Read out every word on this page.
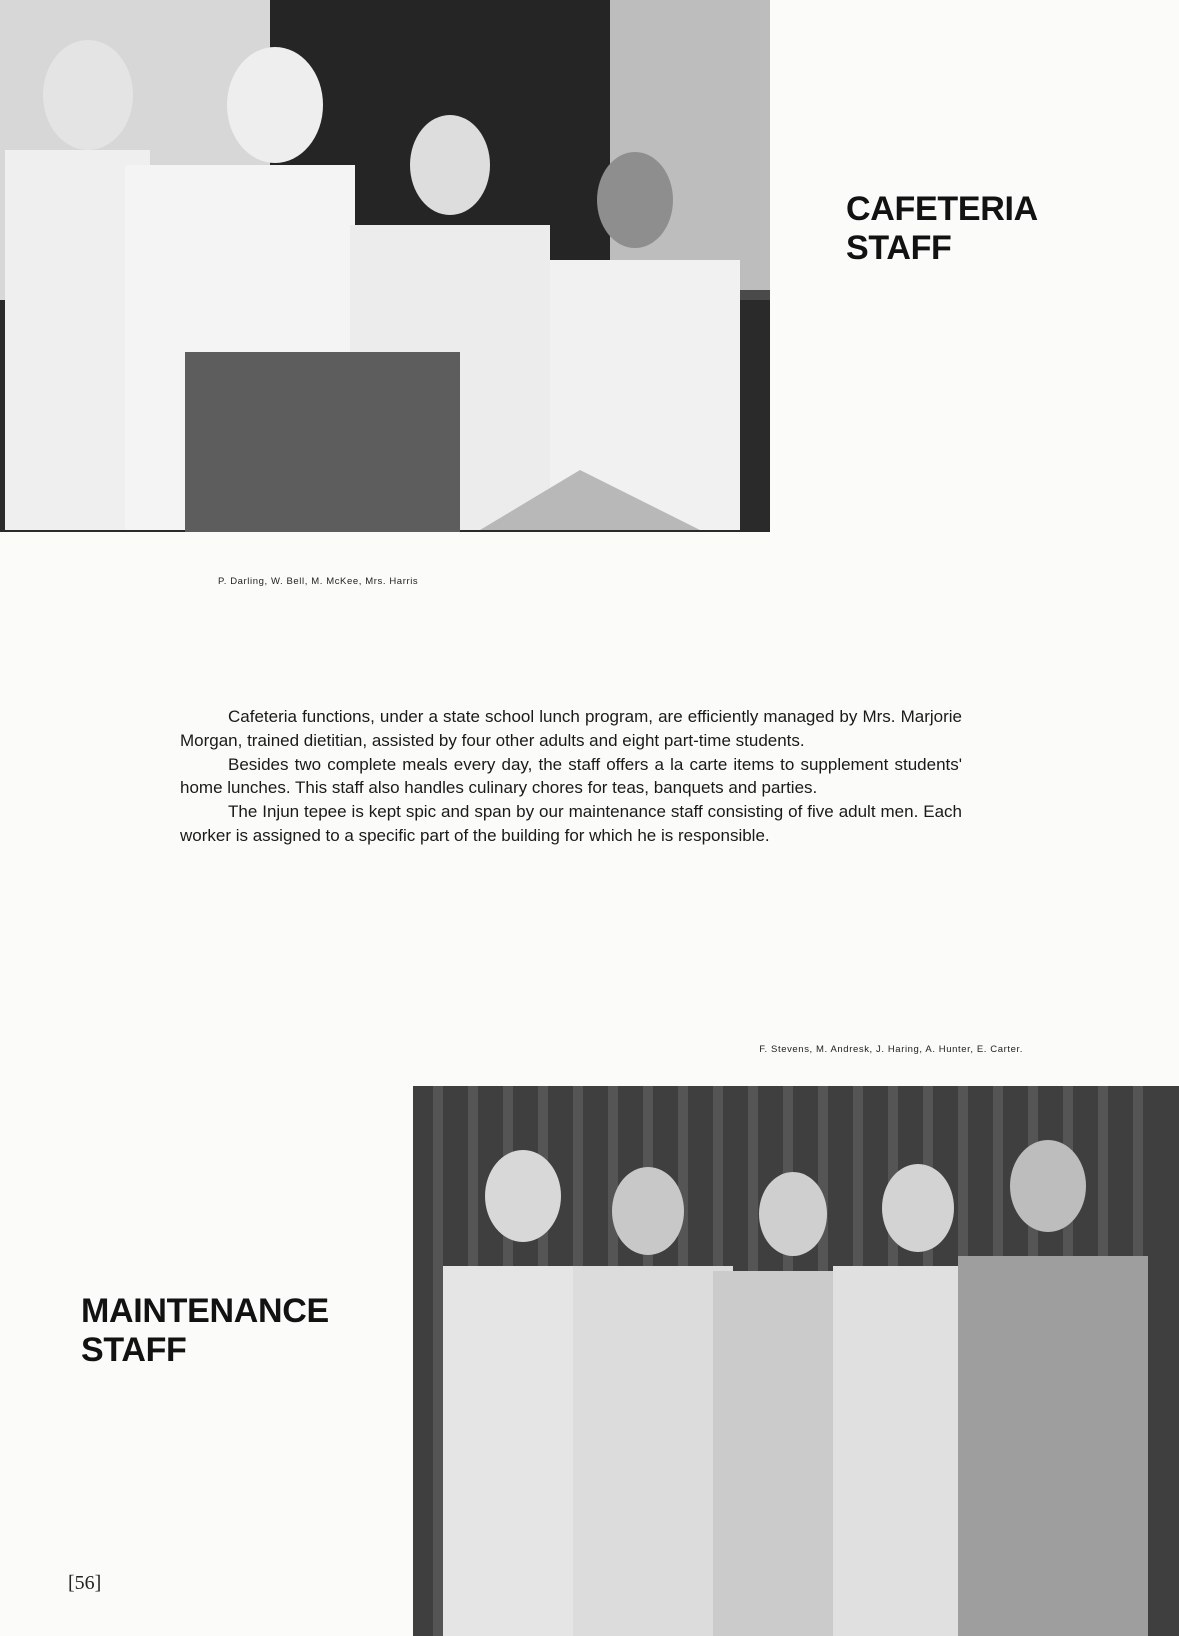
CAFETERIA
STAFF
P. Darling, W. Bell, M. McKee, Mrs. Harris

Cafeteria functions, under a state school lunch program, are efficiently managed by Mrs. Marjorie Morgan, trained dietitian, assisted by four other adults and eight part-time students.

Besides two complete meals every day, the staff offers a la carte items to supplement students' home lunches. This staff also handles culinary chores for teas, banquets and parties.

The Injun tepee is kept spic and span by our maintenance staff consisting of five adult men. Each worker is assigned to a specific part of the building for which he is responsible.

F. Stevens, M. Andresk, J. Haring, A. Hunter, E. Carter.
MAINTENANCE
STAFF
[56]
